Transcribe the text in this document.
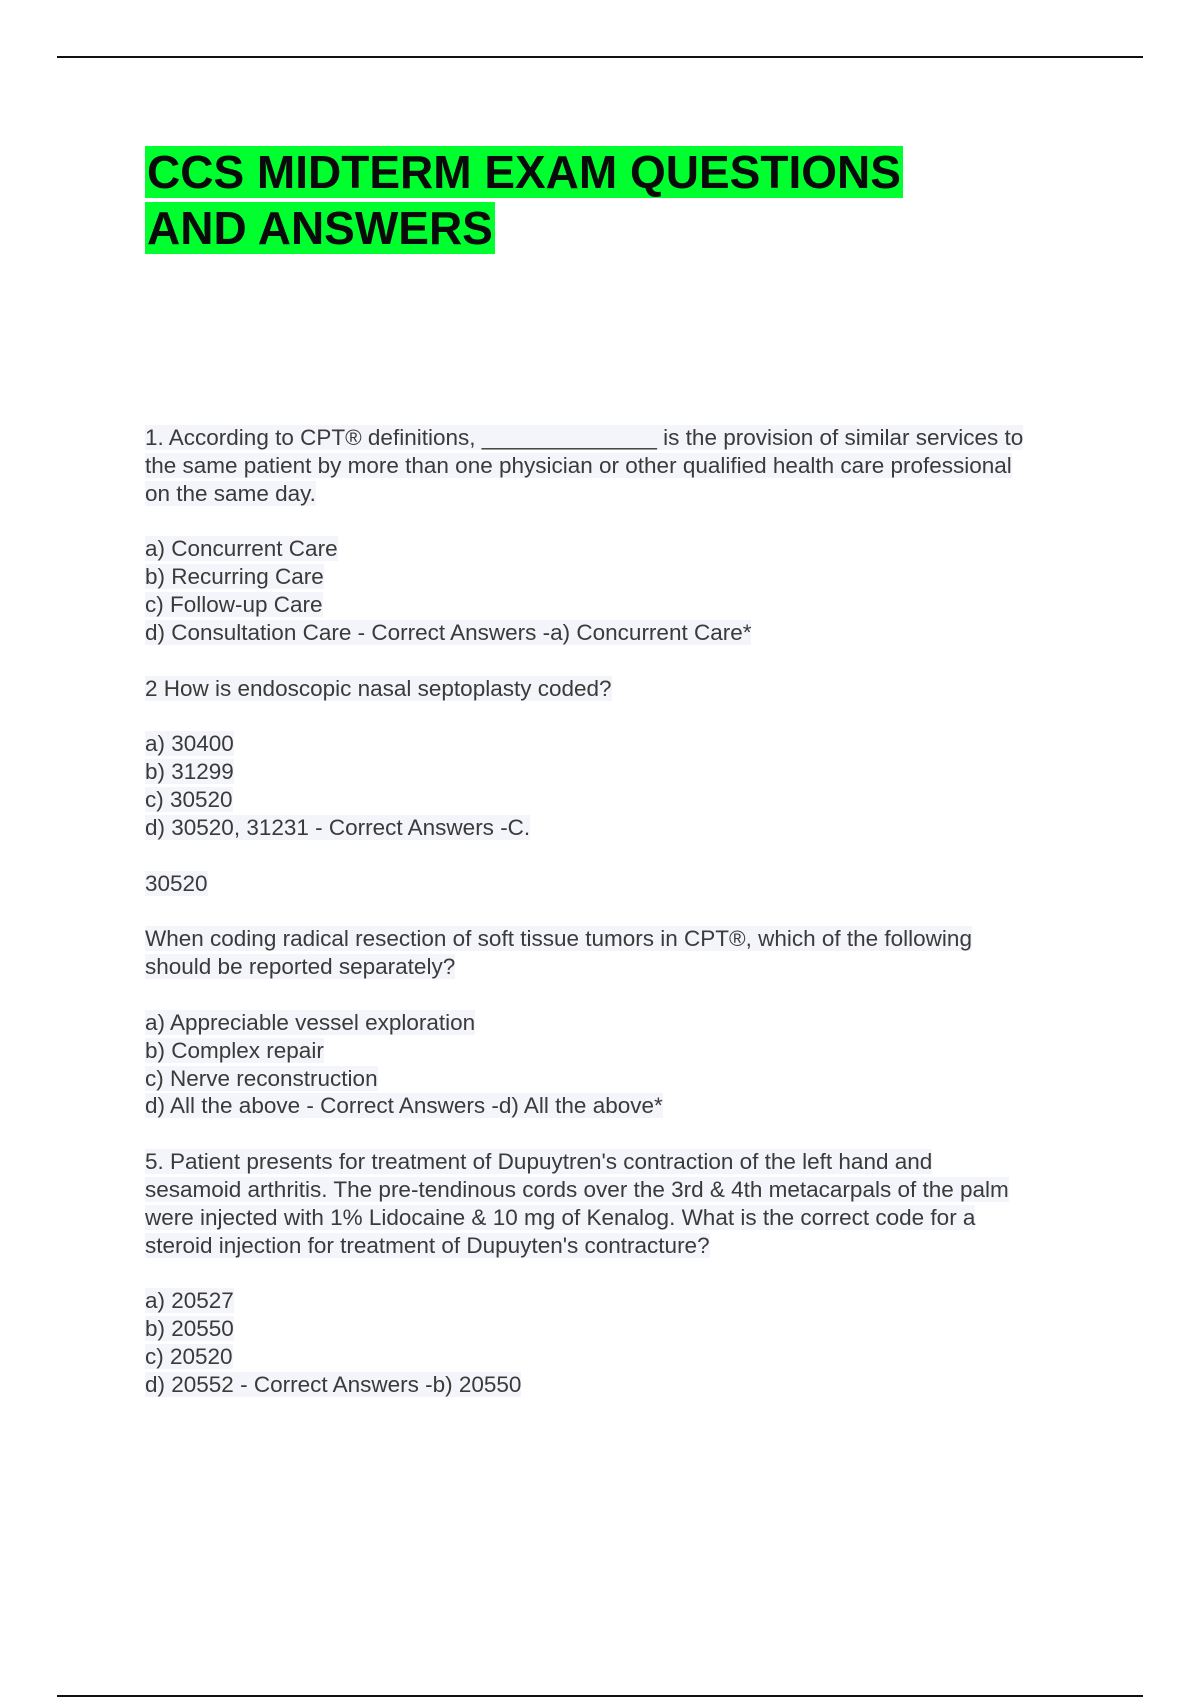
CCS MIDTERM EXAM QUESTIONS
AND ANSWERS
1. According to CPT® definitions, ______________ is the provision of similar services to
the same patient by more than one physician or other qualified health care professional
on the same day.
a) Concurrent Care
b) Recurring Care
c) Follow-up Care
d) Consultation Care - Correct Answers -a) Concurrent Care*
2 How is endoscopic nasal septoplasty coded?
a) 30400
b) 31299
c) 30520
d) 30520, 31231 - Correct Answers -C.
30520
When coding radical resection of soft tissue tumors in CPT®, which of the following
should be reported separately?
a) Appreciable vessel exploration
b) Complex repair
c) Nerve reconstruction
d) All the above - Correct Answers -d) All the above*
5. Patient presents for treatment of Dupuytren's contraction of the left hand and
sesamoid arthritis. The pre-tendinous cords over the 3rd & 4th metacarpals of the palm
were injected with 1% Lidocaine & 10 mg of Kenalog. What is the correct code for a
steroid injection for treatment of Dupuyten's contracture?
a) 20527
b) 20550
c) 20520
d) 20552 - Correct Answers -b) 20550
